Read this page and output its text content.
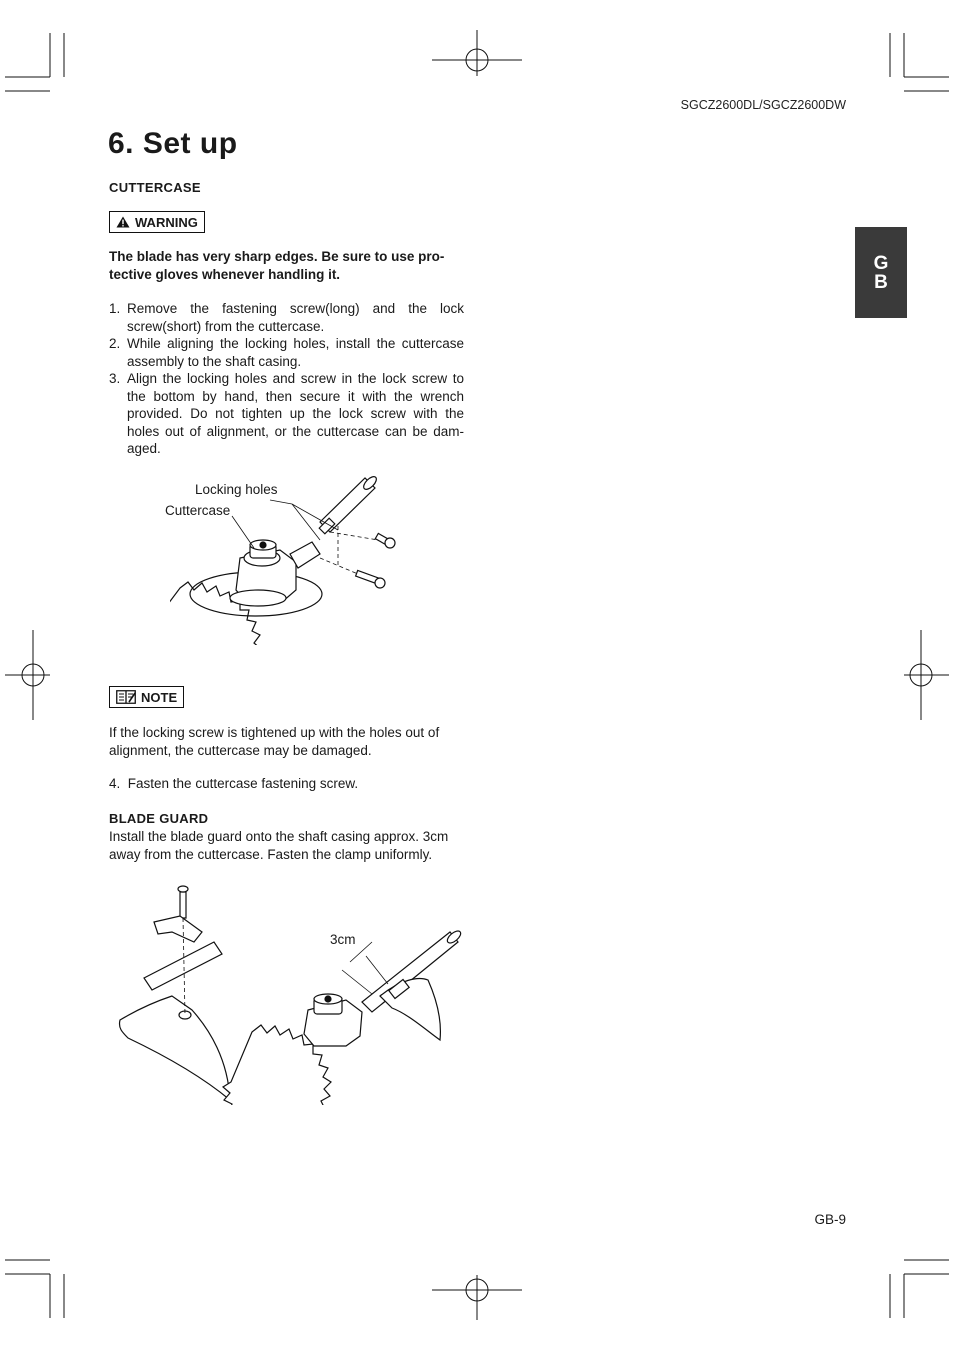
SGCZ2600DL/SGCZ2600DW
6. Set up
G
B
CUTTERCASE
WARNING
The blade has very sharp edges. Be sure to use pro-tective gloves whenever handling it.
1. Remove the fastening screw(long) and the lock screw(short) from the cuttercase.
2. While aligning the locking holes, install the cuttercase assembly to the shaft casing.
3. Align the locking holes and screw in the lock screw to the bottom by hand, then secure it with the wrench provided. Do not tighten up the lock screw with the holes out of alignment, or the cuttercase can be dam-aged.
Locking holes
Cuttercase
NOTE
If the locking screw is tightened up with the holes out of alignment, the cuttercase may be damaged.
4. Fasten the cuttercase fastening screw.
BLADE GUARD
Install the blade guard onto the shaft casing approx. 3cm away from the cuttercase. Fasten the clamp uniformly.
3cm
GB-9
